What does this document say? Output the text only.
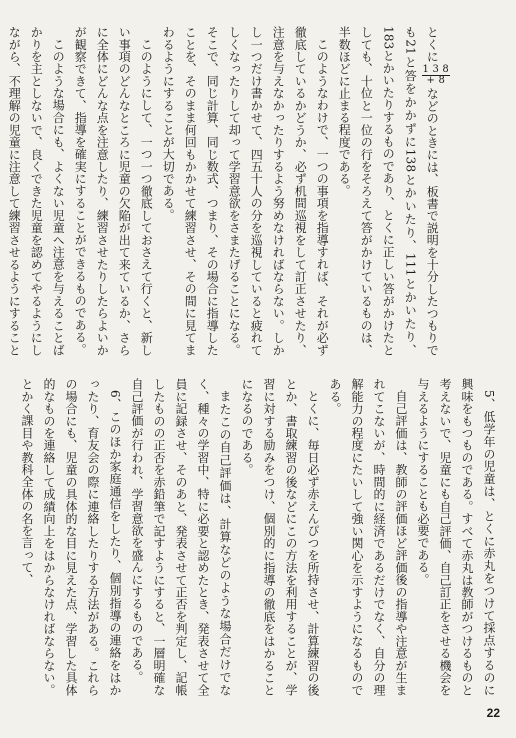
とくに
$\frac{1 3 8}{+ 8}$
などのときには、板書で説明を十分したつもりでも21と答をかかずに138とかいたり、111とかいたり、183とかいたりするものであり、とくに正しい答がかけたとしても、十位と一位の行をそろえて答がかけているものは、半数ほどに止まる程度である。

このようなわけで、一つの事項を指導すれば、それが必ず徹底しているかどうか、必ず机間巡視をして訂正させたり、注意を与えなかったりするよう努めなければならない。しかし一つだけ書かせて、四五十人の分を巡視していると疲れてしくなったりして却って学習意欲をさまたげることになる。そこで、同じ計算、同じ数式、つまり、その場合に指導したことを、そのまま何回もかかせて練習させ、その間に見てまわるようにすることが大切である。

このようにして、一つ一つ徹底しておさえて行くと、新しい事項のどんなところに児童の欠陥が出て来ているか、さらに全体にどんな点を注意したり、練習させたりしたらよいかが観察できて、指導を確実にすることができるものである。

このような場合にも、よくない児童へ注意を与えることばかりを主としないで、良くできた児童を認めてやるようにしながら、不理解の児童に注意して練習させるようにすること

5、低学年の児童は、とくに赤丸をつけて採点するのに興味をもつものである。すべて赤丸は教師がつけるものと考えないで、児童にも自己評価、自己訂正をさせる機会を与えるようにすることも必要である。

自己評価は、教師の評価ほど評価後の指導や注意が生まれてこないが、時間的に経済であるだけでなく、自分の理解能力の程度にたいして強い関心を示すようになるものである。

とくに、毎日必ず赤えんぴつを所持させ、計算練習の後とか、書取練習の後などにこの方法を利用することが、学習に対する励みをつけ、個別的に指導の徹底をはかることになるのである。

またこの自己評価は、計算などのような場合だけでなく、種々の学習中、特に必要と認めたとき、発表させて全員に記録させ、そのあと、発表させて正否を判定し、記帳したものの正否を赤鉛筆で記すようにすると、一層明確な自己評価が行われ、学習意欲を盛んにするものである。

6、このほか家庭通信をしたり、個別指導の連絡をはかったり、育友会の際に連絡したりする方法がある。これらの場合にも、児童の具体的な目に見えた点、学習した具体的なものを連絡して成績向上をはからなければならない。とかく課目や教科全体の名を言って、

22
